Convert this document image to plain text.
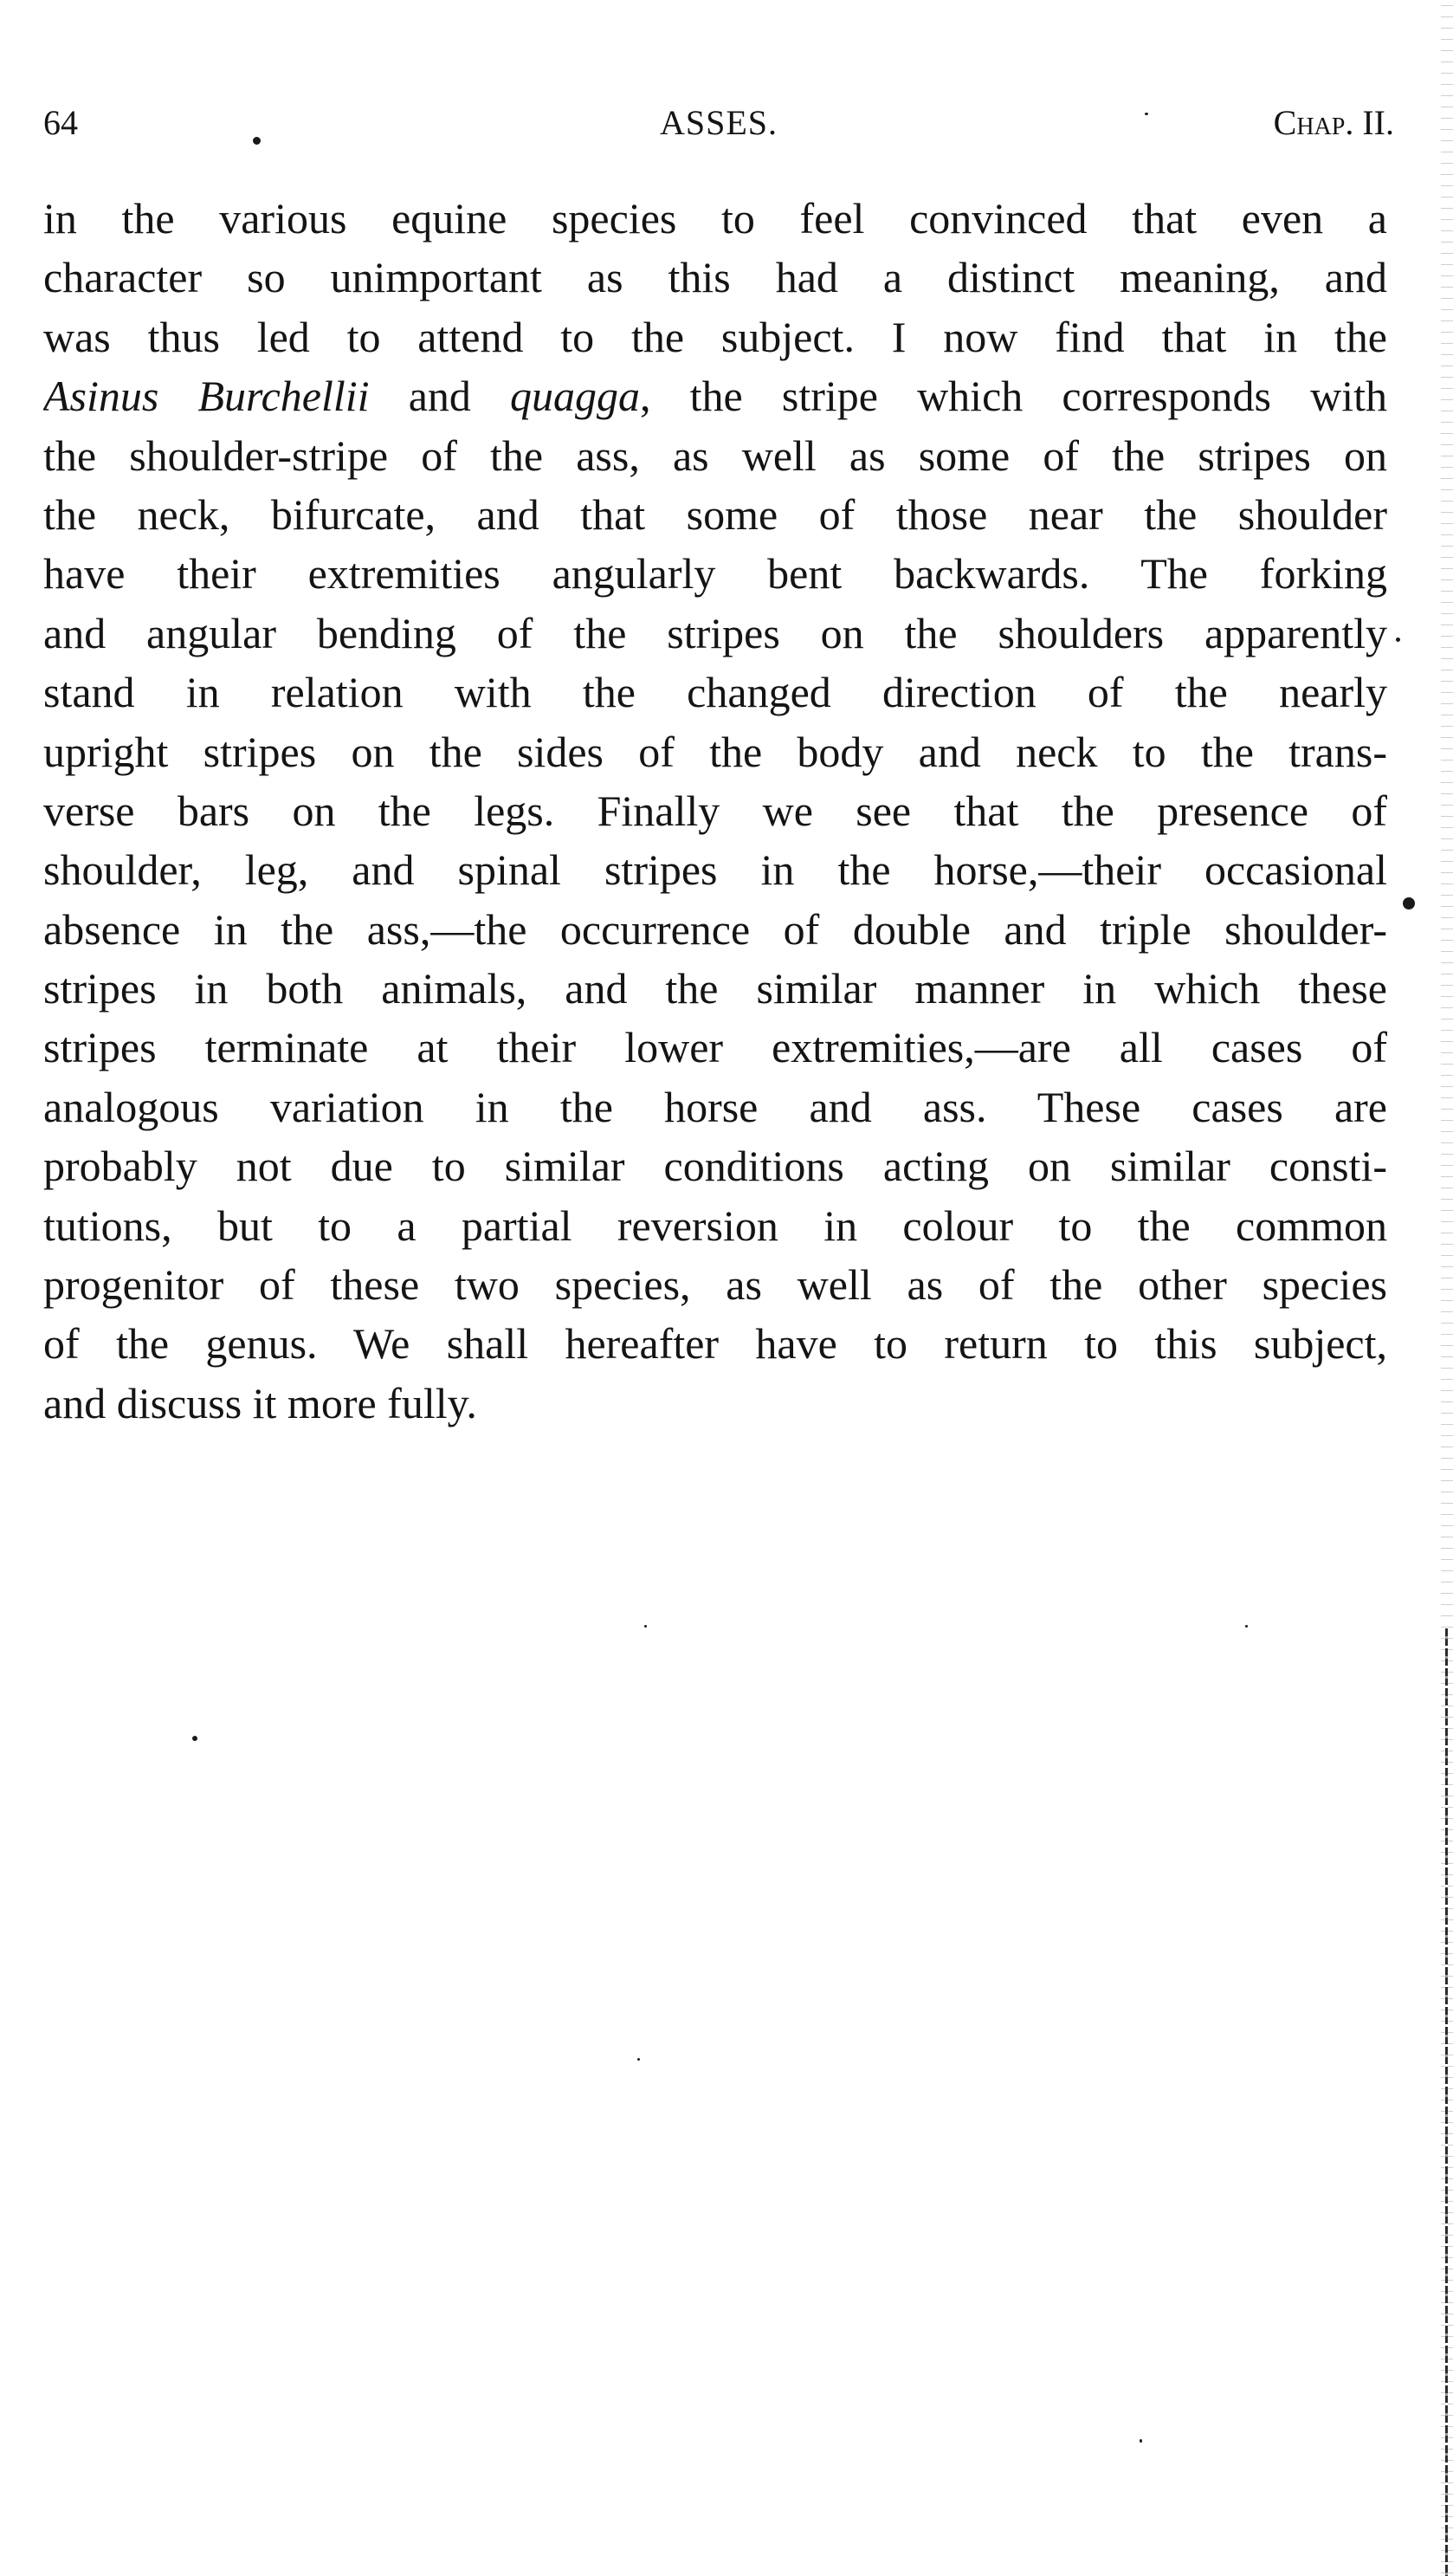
64	ASSES.	Chap. II.
in the various equine species to feel convinced that even a
character so unimportant as this had a distinct meaning, and
was thus led to attend to the subject. I now find that in the
Asinus Burchellii and quagga, the stripe which corresponds with
the shoulder-stripe of the ass, as well as some of the stripes on
the neck, bifurcate, and that some of those near the shoulder
have their extremities angularly bent backwards. The forking
and angular bending of the stripes on the shoulders apparently
stand in relation with the changed direction of the nearly
upright stripes on the sides of the body and neck to the trans-
verse bars on the legs. Finally we see that the presence of
shoulder, leg, and spinal stripes in the horse,—their occasional
absence in the ass,—the occurrence of double and triple shoulder-
stripes in both animals, and the similar manner in which these
stripes terminate at their lower extremities,—are all cases of
analogous variation in the horse and ass. These cases are
probably not due to similar conditions acting on similar consti-
tutions, but to a partial reversion in colour to the common
progenitor of these two species, as well as of the other species
of the genus. We shall hereafter have to return to this subject,
and discuss it more fully.
